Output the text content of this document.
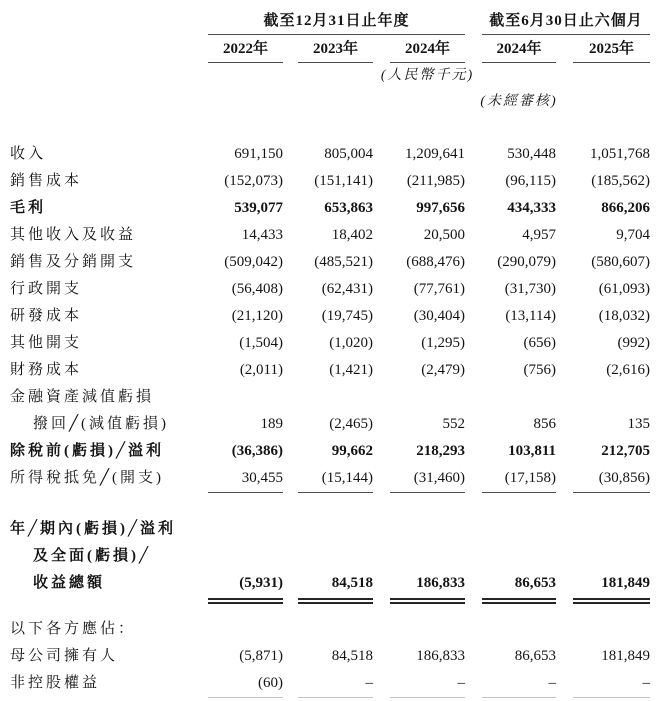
截至12月31日止年度	截至6月30日止六個月
2022年	2023年	2024年	2024年	2025年
(人民幣千元)
(未經審核)
收入	691,150	805,004	1,209,641	530,448	1,051,768
銷售成本	(152,073)	(151,141)	(211,985)	(96,115)	(185,562)
毛利	539,077	653,863	997,656	434,333	866,206
其他收入及收益	14,433	18,402	20,500	4,957	9,704
銷售及分銷開支	(509,042)	(485,521)	(688,476)	(290,079)	(580,607)
行政開支	(56,408)	(62,431)	(77,761)	(31,730)	(61,093)
研發成本	(21,120)	(19,745)	(30,404)	(13,114)	(18,032)
其他開支	(1,504)	(1,020)	(1,295)	(656)	(992)
財務成本	(2,011)	(1,421)	(2,479)	(756)	(2,616)
金融資產減值虧損
撥回╱(減值虧損)	189	(2,465)	552	856	135
除稅前(虧損)╱溢利	(36,386)	99,662	218,293	103,811	212,705
所得稅抵免╱(開支)	30,455	(15,144)	(31,460)	(17,158)	(30,856)
年╱期內(虧損)╱溢利
及全面(虧損)╱
收益總額	(5,931)	84,518	186,833	86,653	181,849
以下各方應佔：
母公司擁有人	(5,871)	84,518	186,833	86,653	181,849
非控股權益	(60)	–	–	–	–
